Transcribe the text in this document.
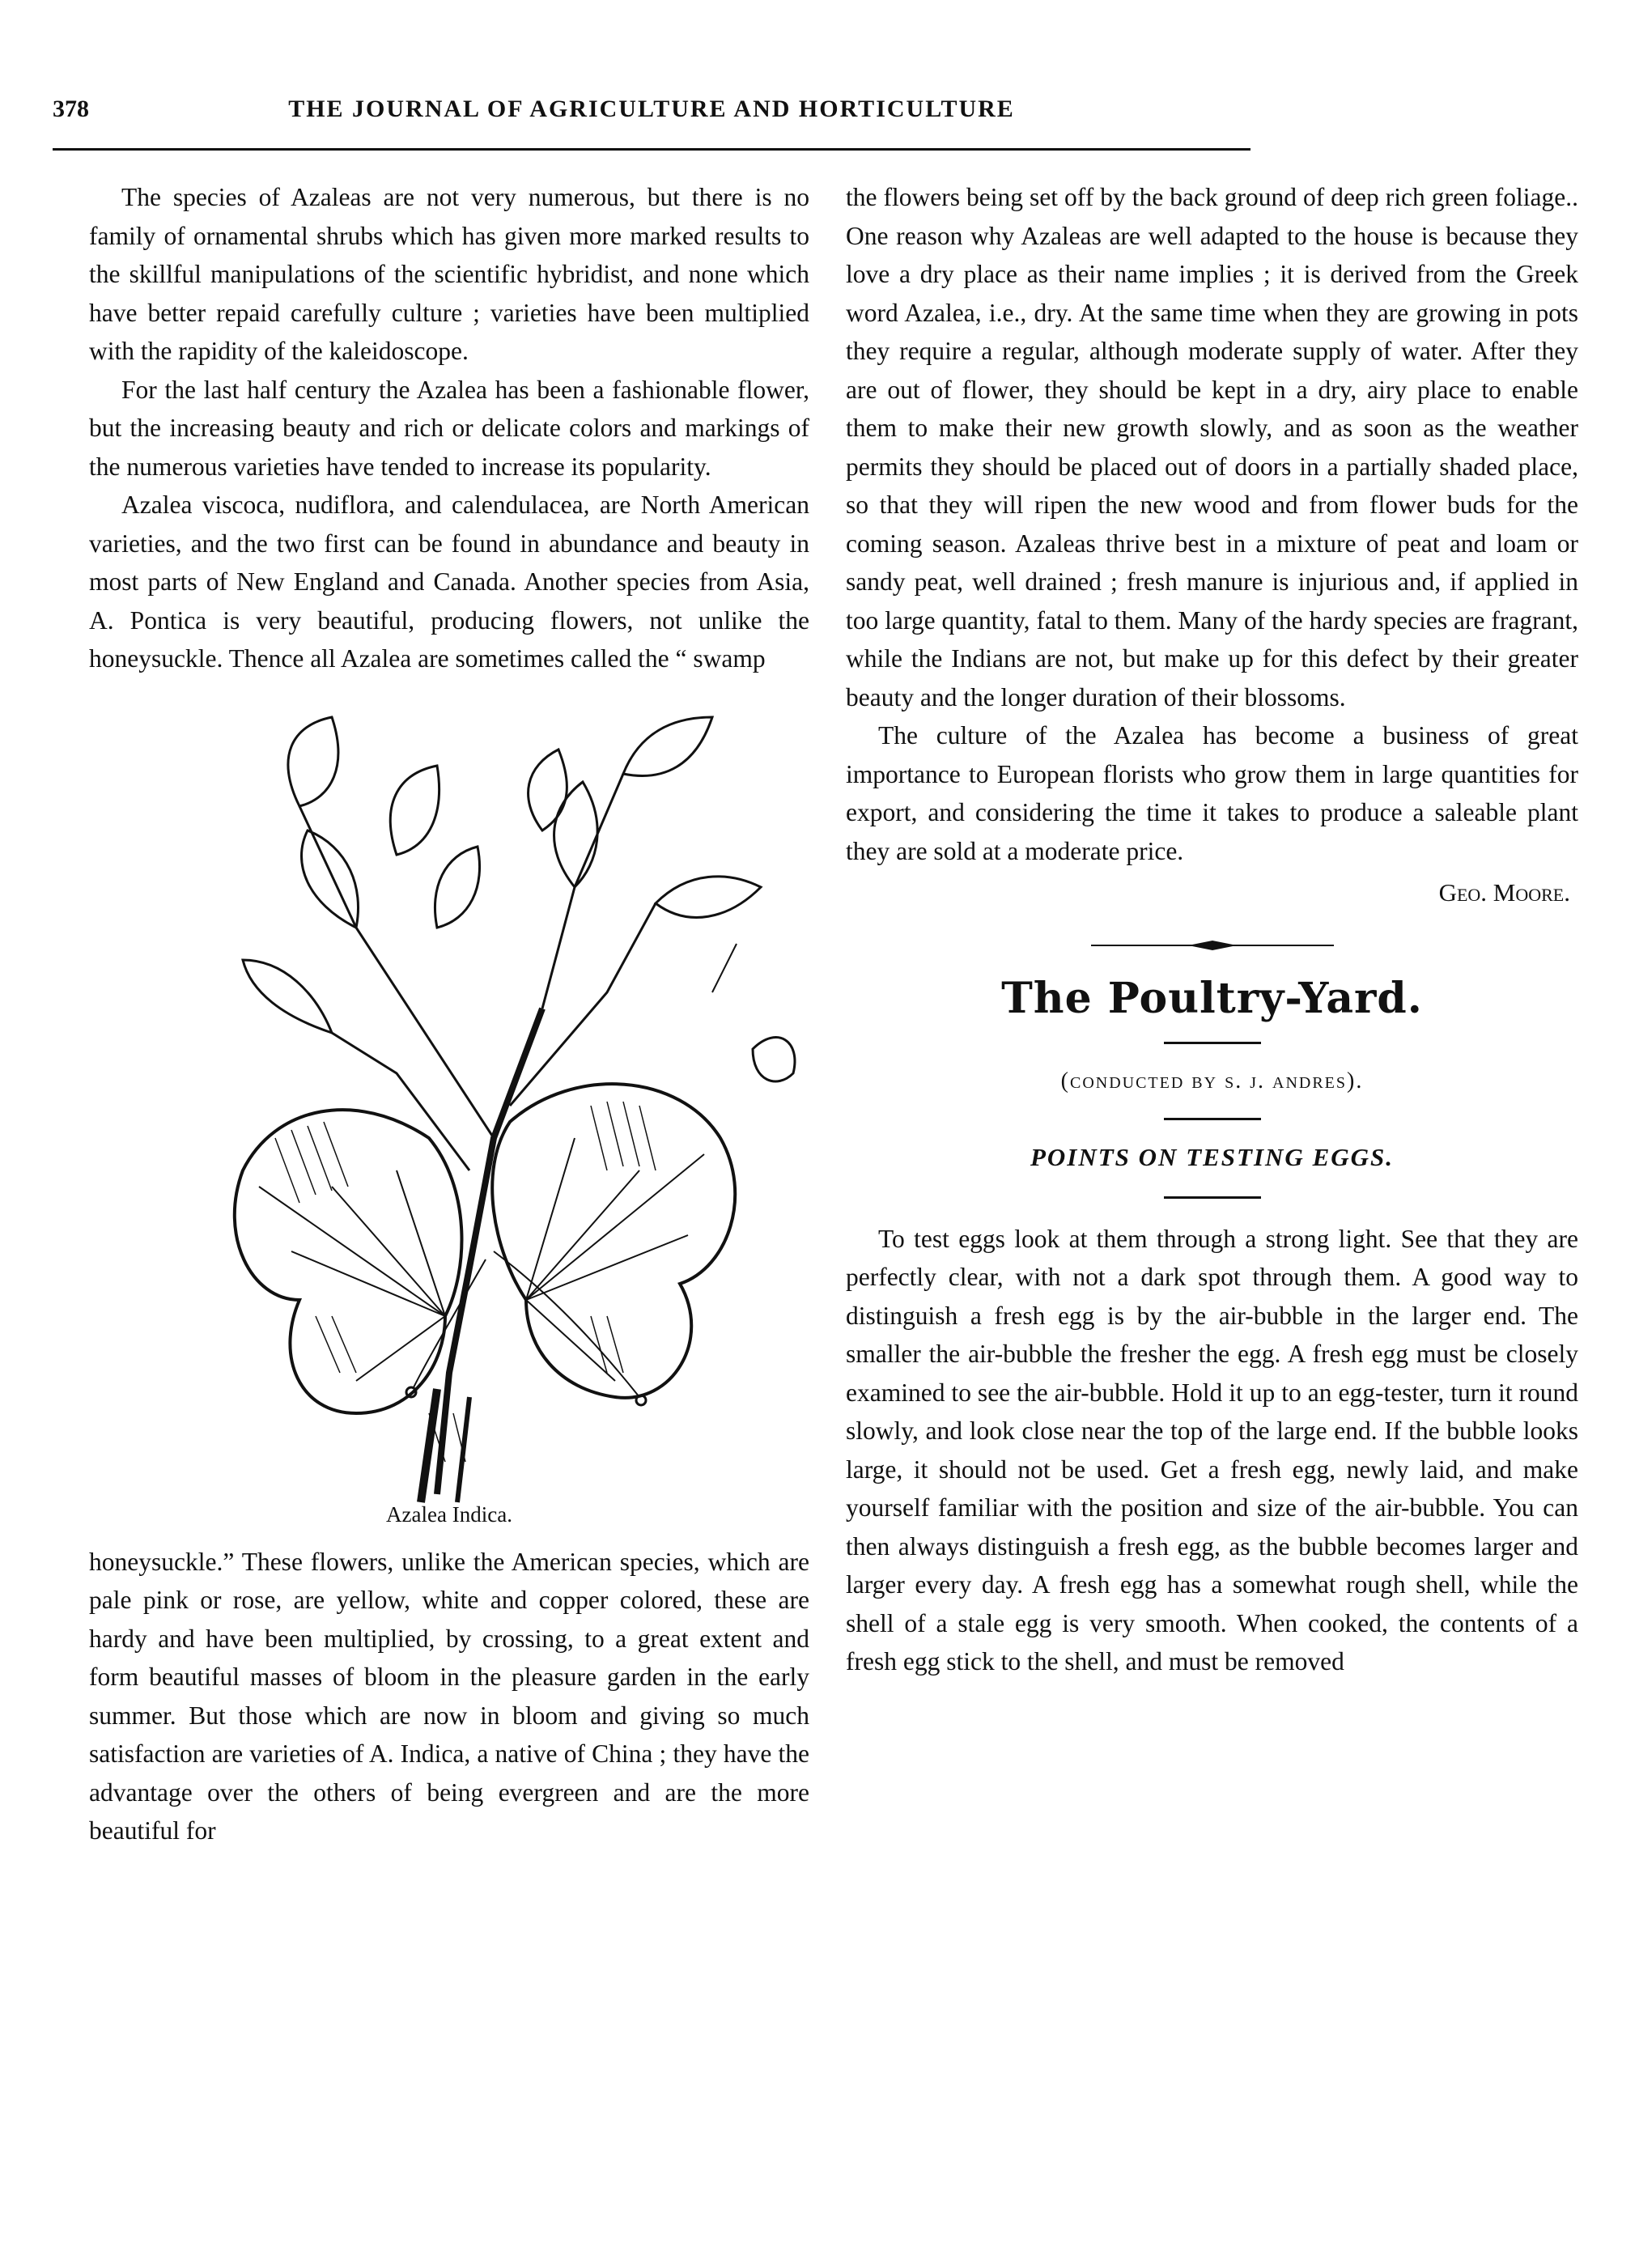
378	THE JOURNAL OF AGRICULTURE AND HORTICULTURE

The species of Azaleas are not very numerous, but there is no family of ornamental shrubs which has given more marked results to the skillful manipulations of the scientific hybridist, and none which have better repaid carefully culture ; varieties have been multiplied with the rapidity of the kaleidoscope.

For the last half century the Azalea has been a fashionable flower, but the increasing beauty and rich or delicate colors and markings of the numerous varieties have tended to increase its popularity.

Azalea viscoca, nudiflora, and calendulacea, are North American varieties, and the two first can be found in abundance and beauty in most parts of New England and Canada. Another species from Asia, A. Pontica is very beautiful, producing flowers, not unlike the honeysuckle. Thence all Azalea are sometimes called the “ swamp

Azalea Indica.

honeysuckle.” These flowers, unlike the American species, which are pale pink or rose, are yellow, white and copper colored, these are hardy and have been multiplied, by crossing, to a great extent and form beautiful masses of bloom in the pleasure garden in the early summer. But those which are now in bloom and giving so much satisfaction are varieties of A. Indica, a native of China ; they have the advantage over the others of being evergreen and are the more beautiful for

the flowers being set off by the back ground of deep rich green foliage.. One reason why Azaleas are well adapted to the house is because they love a dry place as their name implies ; it is derived from the Greek word Azalea, i.e., dry. At the same time when they are growing in pots they require a regular, although moderate supply of water. After they are out of flower, they should be kept in a dry, airy place to enable them to make their new growth slowly, and as soon as the weather permits they should be placed out of doors in a partially shaded place, so that they will ripen the new wood and from flower buds for the coming season. Azaleas thrive best in a mixture of peat and loam or sandy peat, well drained ; fresh manure is injurious and, if applied in too large quantity, fatal to them. Many of the hardy species are fragrant, while the Indians are not, but make up for this defect by their greater beauty and the longer duration of their blossoms.

The culture of the Azalea has become a business of great importance to European florists who grow them in large quantities for export, and considering the time it takes to produce a saleable plant they are sold at a moderate price.

Geo. Moore.
The Poultry-Yard.
(conducted by s. j. andres).
POINTS ON TESTING EGGS.

To test eggs look at them through a strong light. See that they are perfectly clear, with not a dark spot through them. A good way to distinguish a fresh egg is by the air-bubble in the larger end. The smaller the air-bubble the fresher the egg. A fresh egg must be closely examined to see the air-bubble. Hold it up to an egg-tester, turn it round slowly, and look close near the top of the large end. If the bubble looks large, it should not be used. Get a fresh egg, newly laid, and make yourself familiar with the position and size of the air-bubble. You can then always distinguish a fresh egg, as the bubble becomes larger and larger every day. A fresh egg has a somewhat rough shell, while the shell of a stale egg is very smooth. When cooked, the contents of a fresh egg stick to the shell, and must be removed
